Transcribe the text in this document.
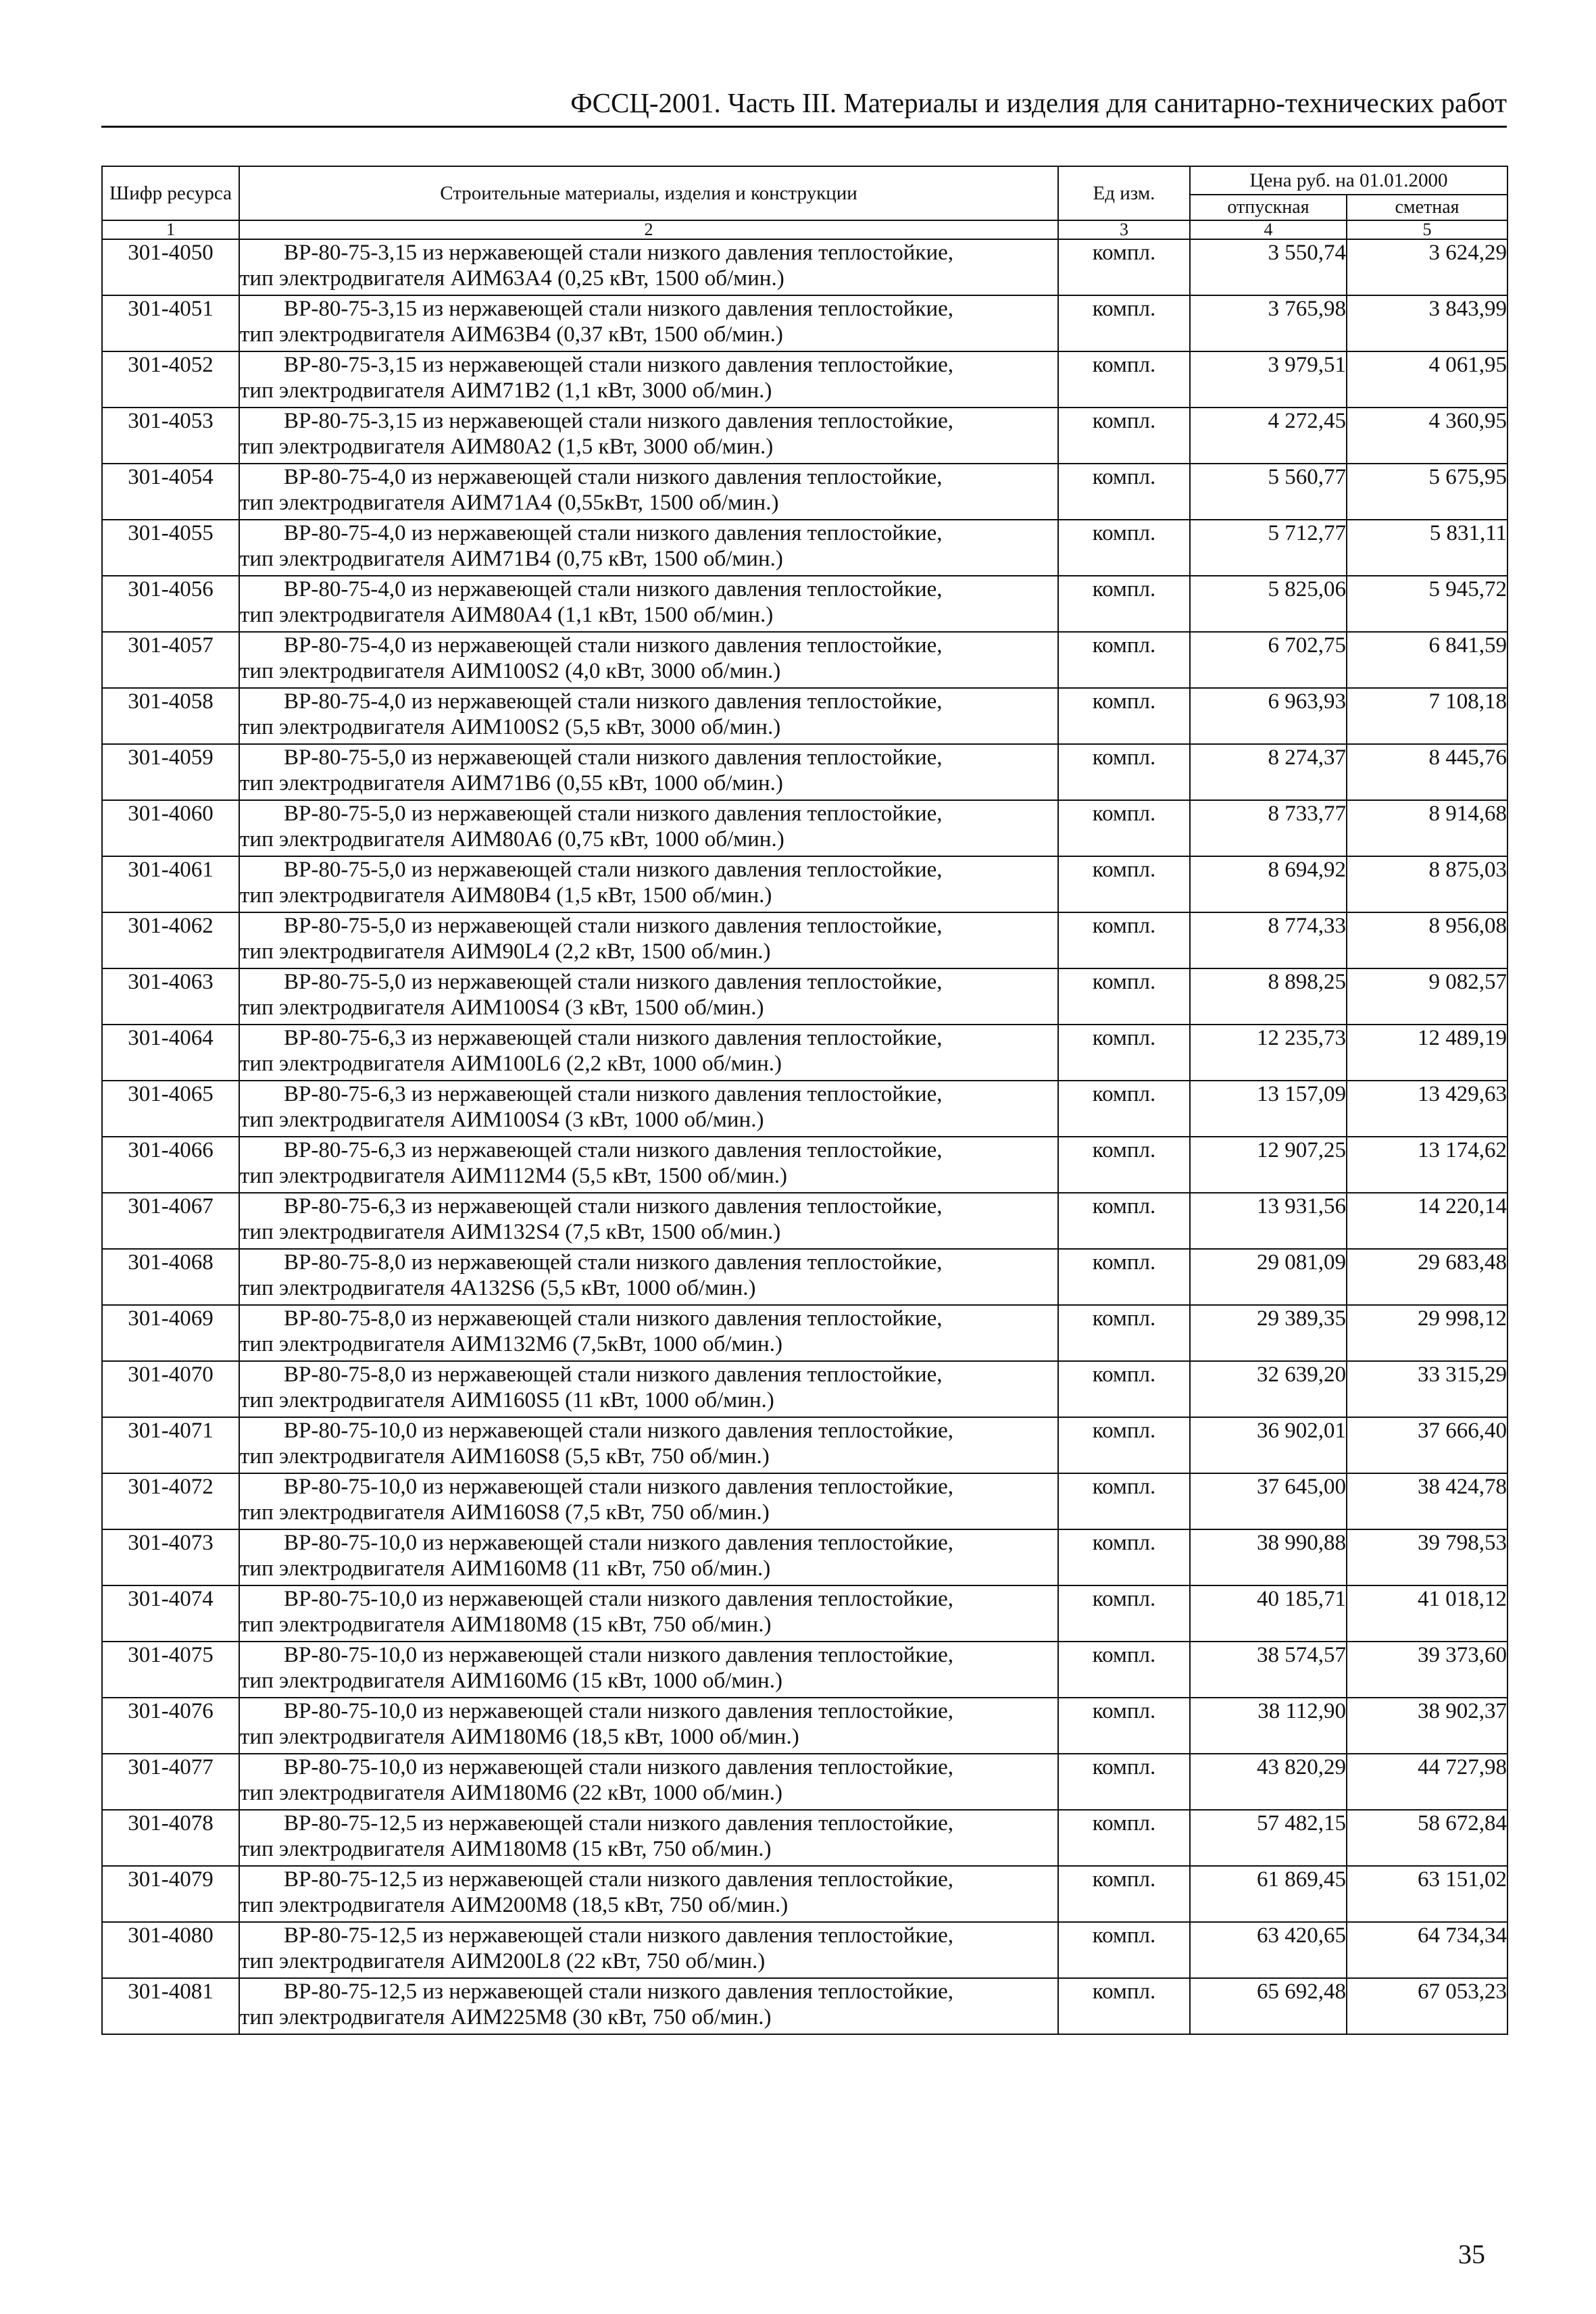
ФССЦ-2001. Часть III. Материалы и изделия для санитарно-технических работ
Шифр ресурса	Строительные материалы, изделия и конструкции	Ед изм.	Цена руб. на 01.01.2000	
			отпускная	сметная
1	2	3	4	5
301-4050	ВР-80-75-3,15 из нержавеющей стали низкого давления теплостойкие,
тип электродвигателя АИМ63А4 (0,25 кВт, 1500 об/мин.)	компл.	3 550,74	3 624,29
301-4051	ВР-80-75-3,15 из нержавеющей стали низкого давления теплостойкие,
тип электродвигателя АИМ63В4 (0,37 кВт, 1500 об/мин.)	компл.	3 765,98	3 843,99
301-4052	ВР-80-75-3,15 из нержавеющей стали низкого давления теплостойкие,
тип электродвигателя АИМ71В2 (1,1 кВт, 3000 об/мин.)	компл.	3 979,51	4 061,95
301-4053	ВР-80-75-3,15 из нержавеющей стали низкого давления теплостойкие,
тип электродвигателя АИМ80А2 (1,5 кВт, 3000 об/мин.)	компл.	4 272,45	4 360,95
301-4054	ВР-80-75-4,0 из нержавеющей стали низкого давления теплостойкие,
тип электродвигателя АИМ71А4 (0,55кВт, 1500 об/мин.)	компл.	5 560,77	5 675,95
301-4055	ВР-80-75-4,0 из нержавеющей стали низкого давления теплостойкие,
тип электродвигателя АИМ71В4 (0,75 кВт, 1500 об/мин.)	компл.	5 712,77	5 831,11
301-4056	ВР-80-75-4,0 из нержавеющей стали низкого давления теплостойкие,
тип электродвигателя АИМ80А4 (1,1 кВт, 1500 об/мин.)	компл.	5 825,06	5 945,72
301-4057	ВР-80-75-4,0 из нержавеющей стали низкого давления теплостойкие,
тип электродвигателя АИМ100S2 (4,0 кВт, 3000 об/мин.)	компл.	6 702,75	6 841,59
301-4058	ВР-80-75-4,0 из нержавеющей стали низкого давления теплостойкие,
тип электродвигателя АИМ100S2 (5,5 кВт, 3000 об/мин.)	компл.	6 963,93	7 108,18
301-4059	ВР-80-75-5,0 из нержавеющей стали низкого давления теплостойкие,
тип электродвигателя АИМ71В6 (0,55 кВт, 1000 об/мин.)	компл.	8 274,37	8 445,76
301-4060	ВР-80-75-5,0 из нержавеющей стали низкого давления теплостойкие,
тип электродвигателя АИМ80А6 (0,75 кВт, 1000 об/мин.)	компл.	8 733,77	8 914,68
301-4061	ВР-80-75-5,0 из нержавеющей стали низкого давления теплостойкие,
тип электродвигателя АИМ80В4 (1,5 кВт, 1500 об/мин.)	компл.	8 694,92	8 875,03
301-4062	ВР-80-75-5,0 из нержавеющей стали низкого давления теплостойкие,
тип электродвигателя АИМ90L4 (2,2 кВт, 1500 об/мин.)	компл.	8 774,33	8 956,08
301-4063	ВР-80-75-5,0 из нержавеющей стали низкого давления теплостойкие,
тип электродвигателя АИМ100S4 (3 кВт, 1500 об/мин.)	компл.	8 898,25	9 082,57
301-4064	ВР-80-75-6,3 из нержавеющей стали низкого давления теплостойкие,
тип электродвигателя АИМ100L6 (2,2 кВт, 1000 об/мин.)	компл.	12 235,73	12 489,19
301-4065	ВР-80-75-6,3 из нержавеющей стали низкого давления теплостойкие,
тип электродвигателя АИМ100S4 (3 кВт, 1000 об/мин.)	компл.	13 157,09	13 429,63
301-4066	ВР-80-75-6,3 из нержавеющей стали низкого давления теплостойкие,
тип электродвигателя АИМ112М4 (5,5 кВт, 1500 об/мин.)	компл.	12 907,25	13 174,62
301-4067	ВР-80-75-6,3 из нержавеющей стали низкого давления теплостойкие,
тип электродвигателя АИМ132S4 (7,5 кВт, 1500 об/мин.)	компл.	13 931,56	14 220,14
301-4068	ВР-80-75-8,0 из нержавеющей стали низкого давления теплостойкие,
тип электродвигателя 4А132S6 (5,5 кВт, 1000 об/мин.)	компл.	29 081,09	29 683,48
301-4069	ВР-80-75-8,0 из нержавеющей стали низкого давления теплостойкие,
тип электродвигателя АИМ132М6 (7,5кВт, 1000 об/мин.)	компл.	29 389,35	29 998,12
301-4070	ВР-80-75-8,0 из нержавеющей стали низкого давления теплостойкие,
тип электродвигателя АИМ160S5 (11 кВт, 1000 об/мин.)	компл.	32 639,20	33 315,29
301-4071	ВР-80-75-10,0 из нержавеющей стали низкого давления теплостойкие,
тип электродвигателя АИМ160S8 (5,5 кВт, 750 об/мин.)	компл.	36 902,01	37 666,40
301-4072	ВР-80-75-10,0 из нержавеющей стали низкого давления теплостойкие,
тип электродвигателя АИМ160S8 (7,5 кВт, 750 об/мин.)	компл.	37 645,00	38 424,78
301-4073	ВР-80-75-10,0 из нержавеющей стали низкого давления теплостойкие,
тип электродвигателя АИМ160М8 (11 кВт, 750 об/мин.)	компл.	38 990,88	39 798,53
301-4074	ВР-80-75-10,0 из нержавеющей стали низкого давления теплостойкие,
тип электродвигателя АИМ180М8 (15 кВт, 750 об/мин.)	компл.	40 185,71	41 018,12
301-4075	ВР-80-75-10,0 из нержавеющей стали низкого давления теплостойкие,
тип электродвигателя АИМ160М6 (15 кВт, 1000 об/мин.)	компл.	38 574,57	39 373,60
301-4076	ВР-80-75-10,0 из нержавеющей стали низкого давления теплостойкие,
тип электродвигателя АИМ180М6 (18,5 кВт, 1000 об/мин.)	компл.	38 112,90	38 902,37
301-4077	ВР-80-75-10,0 из нержавеющей стали низкого давления теплостойкие,
тип электродвигателя АИМ180М6 (22 кВт, 1000 об/мин.)	компл.	43 820,29	44 727,98
301-4078	ВР-80-75-12,5 из нержавеющей стали низкого давления теплостойкие,
тип электродвигателя АИМ180М8 (15 кВт, 750 об/мин.)	компл.	57 482,15	58 672,84
301-4079	ВР-80-75-12,5 из нержавеющей стали низкого давления теплостойкие,
тип электродвигателя АИМ200М8 (18,5 кВт, 750 об/мин.)	компл.	61 869,45	63 151,02
301-4080	ВР-80-75-12,5 из нержавеющей стали низкого давления теплостойкие,
тип электродвигателя АИМ200L8 (22 кВт, 750 об/мин.)	компл.	63 420,65	64 734,34
301-4081	ВР-80-75-12,5 из нержавеющей стали низкого давления теплостойкие,
тип электродвигателя АИМ225М8 (30 кВт, 750 об/мин.)	компл.	65 692,48	67 053,23
35
